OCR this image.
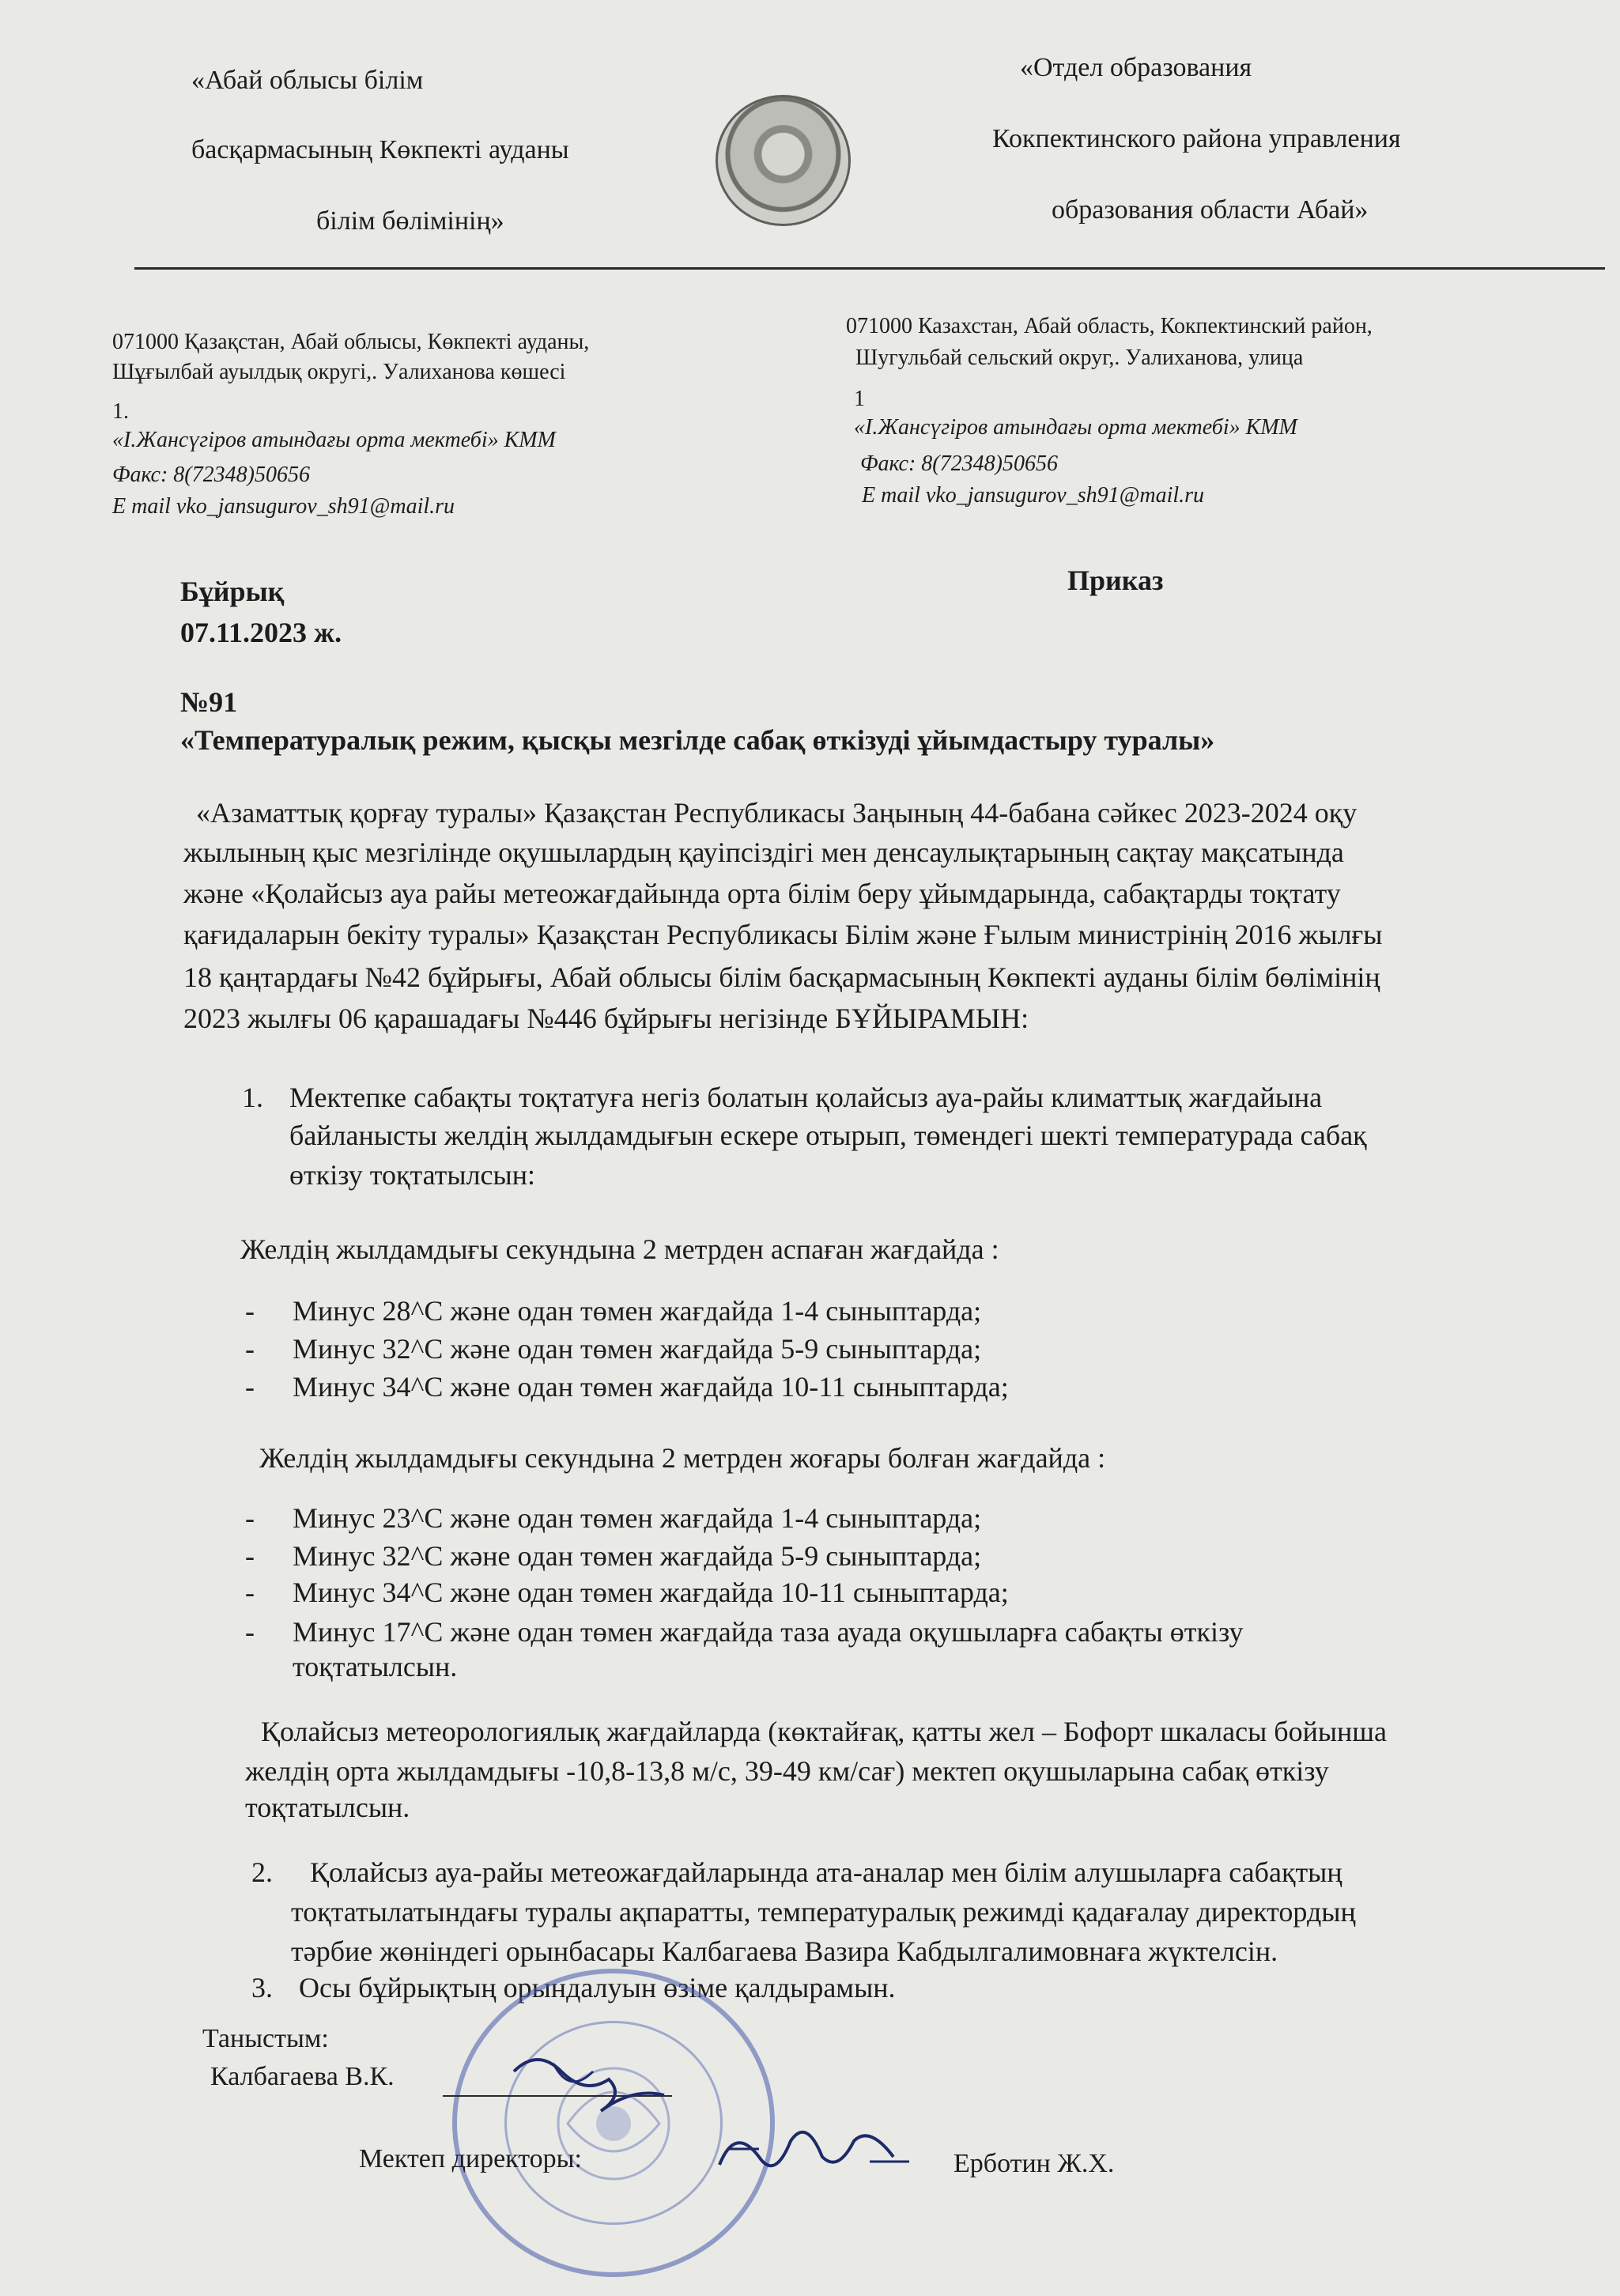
«Абай облысы білім
басқармасының Көкпекті ауданы
білім бөлімінің»
«Отдел образования
Кокпектинского района управления
образования области Абай»
071000 Қазақстан, Абай облысы, Көкпекті ауданы,
Шұғылбай ауылдық округі,. Уалиханова көшесі
1.
«І.Жансүгіров атындағы орта мектебі» КММ
Факс: 8(72348)50656
E mail vko_jansugurov_sh91@mail.ru
071000 Казахстан, Абай область, Кокпектинский район,
Шугульбай сельский округ,. Уалиханова, улица
1
«І.Жансүгіров атындағы орта мектебі» КММ
Факс: 8(72348)50656
E mail vko_jansugurov_sh91@mail.ru
Бұйрық	Приказ
07.11.2023 ж.
№91
«Температуралық режим, қысқы мезгілде сабақ өткізуді ұйымдастыру туралы»
«Азаматтық қорғау туралы» Қазақстан Республикасы Заңының 44-бабана сәйкес 2023-2024 оқу
жылының қыс мезгілінде оқушылардың қауіпсіздігі мен денсаулықтарының сақтау мақсатында
және «Қолайсыз ауа райы метеожағдайында орта білім беру ұйымдарында, сабақтарды тоқтату
қағидаларын бекіту туралы» Қазақстан Республикасы Білім және Ғылым министрінің 2016 жылғы
18 қаңтардағы №42 бұйрығы, Абай облысы білім басқармасының Көкпекті ауданы білім бөлімінің
2023 жылғы 06 қарашадағы №446 бұйрығы негізінде БҰЙЫРАМЫН:
1. Мектепке сабақты тоқтатуға негіз болатын қолайсыз ауа-райы климаттық жағдайына
байланысты желдің жылдамдығын ескере отырып, төмендегі шекті температурада сабақ
өткізу тоқтатылсын:
Желдің жылдамдығы секундына 2 метрден аспаған жағдайда :
- Минус 28^С және одан төмен жағдайда 1-4 сыныптарда;
- Минус 32^С және одан төмен жағдайда 5-9 сыныптарда;
- Минус 34^С және одан төмен жағдайда 10-11 сыныптарда;
Желдің жылдамдығы секундына 2 метрден жоғары болған жағдайда :
- Минус 23^С және одан төмен жағдайда 1-4 сыныптарда;
- Минус 32^С және одан төмен жағдайда 5-9 сыныптарда;
- Минус 34^С және одан төмен жағдайда 10-11 сыныптарда;
- Минус 17^С және одан төмен жағдайда таза ауада оқушыларға сабақты өткізу
тоқтатылсын.
Қолайсыз метеорологиялық жағдайларда (көктайғақ, қатты жел – Бофорт шкаласы бойынша
желдің орта жылдамдығы -10,8-13,8 м/с, 39-49 км/сағ) мектеп оқушыларына сабақ өткізу
тоқтатылсын.
2. Қолайсыз ауа-райы метеожағдайларында ата-аналар мен білім алушыларға сабақтың
тоқтатылатындағы туралы ақпаратты, температуралық режимді қадағалау директордың
тәрбие жөніндегі орынбасары Калбагаева Вазира Кабдылгалимовнаға жүктелсін.
3. Осы бұйрықтың орындалуын өзіме қалдырамын.
Таныстым:
Калбагаева В.К.
Мектеп директоры:	Ерботин Ж.Х.
